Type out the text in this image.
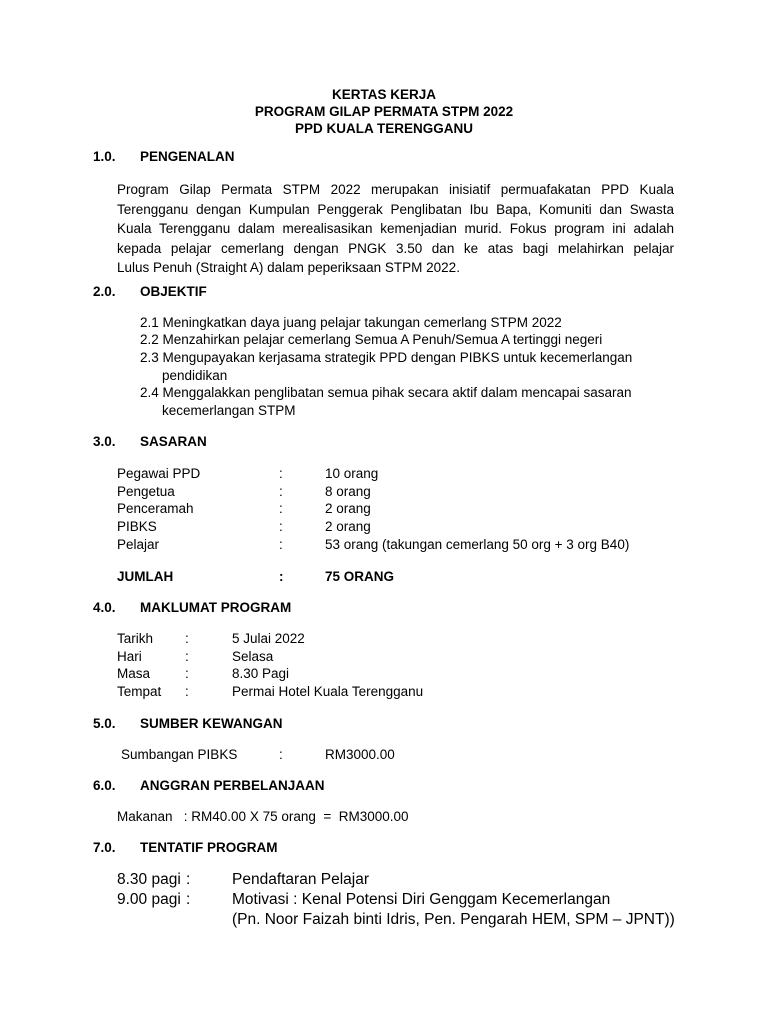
KERTAS KERJA
PROGRAM GILAP PERMATA STPM 2022
PPD KUALA TERENGGANU
1.0. PENGENALAN
Program Gilap Permata STPM 2022 merupakan inisiatif permuafakatan PPD Kuala
Terengganu dengan Kumpulan Penggerak Penglibatan Ibu Bapa, Komuniti dan Swasta
Kuala Terengganu dalam merealisasikan kemenjadian murid. Fokus program ini adalah
kepada pelajar cemerlang dengan PNGK 3.50 dan ke atas bagi melahirkan pelajar
Lulus Penuh (Straight A) dalam peperiksaan STPM 2022.
2.0. OBJEKTIF
2.1 Meningkatkan daya juang pelajar takungan cemerlang STPM 2022
2.2 Menzahirkan pelajar cemerlang Semua A Penuh/Semua A tertinggi negeri
2.3 Mengupayakan kerjasama strategik PPD dengan PIBKS untuk kecemerlangan
pendidikan
2.4 Menggalakkan penglibatan semua pihak secara aktif dalam mencapai sasaran
kecemerlangan STPM
3.0. SASARAN
Pegawai PPD	:	10 orang
Pengetua	:	8 orang
Penceramah	:	2 orang
PIBKS	:	2 orang
Pelajar	:	53 orang (takungan cemerlang 50 org + 3 org B40)
JUMLAH	:	75 ORANG
4.0. MAKLUMAT PROGRAM
Tarikh :	5 Julai 2022
Hari	:	Selasa
Masa	:	8.30 Pagi
Tempat :	Permai Hotel Kuala Terengganu
5.0. SUMBER KEWANGAN
Sumbangan PIBKS	:	RM3000.00
6.0. ANGGRAN PERBELANJAAN
Makanan   : RM40.00 X 75 orang  =  RM3000.00
7.0. TENTATIF PROGRAM
8.30 pagi :	Pendaftaran Pelajar
9.00 pagi :	Motivasi : Kenal Potensi Diri Genggam Kecemerlangan
(Pn. Noor Faizah binti Idris, Pen. Pengarah HEM, SPM – JPNT))
